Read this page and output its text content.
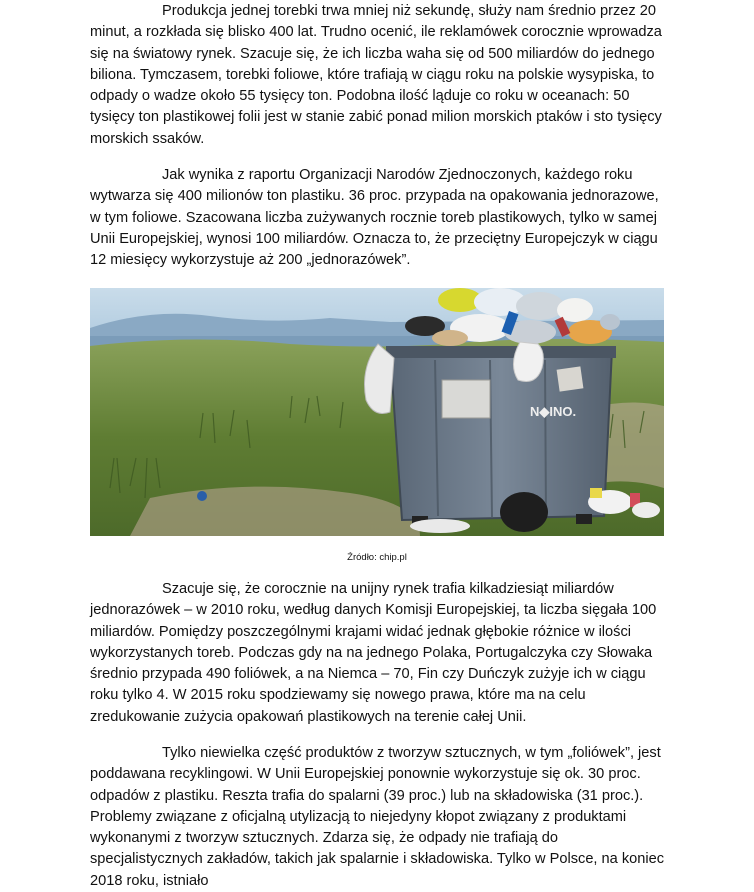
Produkcja jednej torebki trwa mniej niż sekundę, służy nam średnio przez 20 minut, a rozkłada się blisko 400 lat. Trudno ocenić, ile reklamówek corocznie wprowadza się na światowy rynek. Szacuje się, że ich liczba waha się od 500 miliardów do jednego biliona. Tymczasem, torebki foliowe, które trafiają w ciągu roku na polskie wysypiska, to odpady o wadze około 55 tysięcy ton. Podobna ilość ląduje co roku w oceanach: 50 tysięcy ton plastikowej folii jest w stanie zabić ponad milion morskich ptaków i sto tysięcy morskich ssaków.

Jak wynika z raportu Organizacji Narodów Zjednoczonych, każdego roku wytwarza się 400 milionów ton plastiku. 36 proc. przypada na opakowania jednorazowe, w tym foliowe. Szacowana liczba zużywanych rocznie toreb plastikowych, tylko w samej Unii Europejskiej, wynosi 100 miliardów. Oznacza to, że przeciętny Europejczyk w ciągu 12 miesięcy wykorzystuje aż 200 „jednorazówek”.

N◆INO.
Źródło: chip.pl

Szacuje się, że corocznie na unijny rynek trafia kilkadziesiąt miliardów jednorazówek – w 2010 roku, według danych Komisji Europejskiej, ta liczba sięgała 100 miliardów. Pomiędzy poszczególnymi krajami widać jednak głębokie różnice w ilości wykorzystanych toreb. Podczas gdy na na jednego Polaka, Portugalczyka czy Słowaka średnio przypada 490 foliówek, a na Niemca – 70, Fin czy Duńczyk zużyje ich w ciągu roku tylko 4. W 2015 roku spodziewamy się nowego prawa, które ma na celu zredukowanie zużycia opakowań plastikowych na terenie całej Unii.

Tylko niewielka część produktów z tworzyw sztucznych, w tym „foliówek”, jest poddawana recyklingowi. W Unii Europejskiej ponownie wykorzystuje się ok. 30 proc. odpadów z plastiku. Reszta trafia do spalarni (39 proc.) lub na składowiska (31 proc.). Problemy związane z oficjalną utylizacją to niejedyny kłopot związany z produktami wykonanymi z tworzyw sztucznych. Zdarza się, że odpady nie trafiają do specjalistycznych zakładów, takich jak spalarnie i składowiska. Tylko w Polsce, na koniec 2018 roku, istniało
